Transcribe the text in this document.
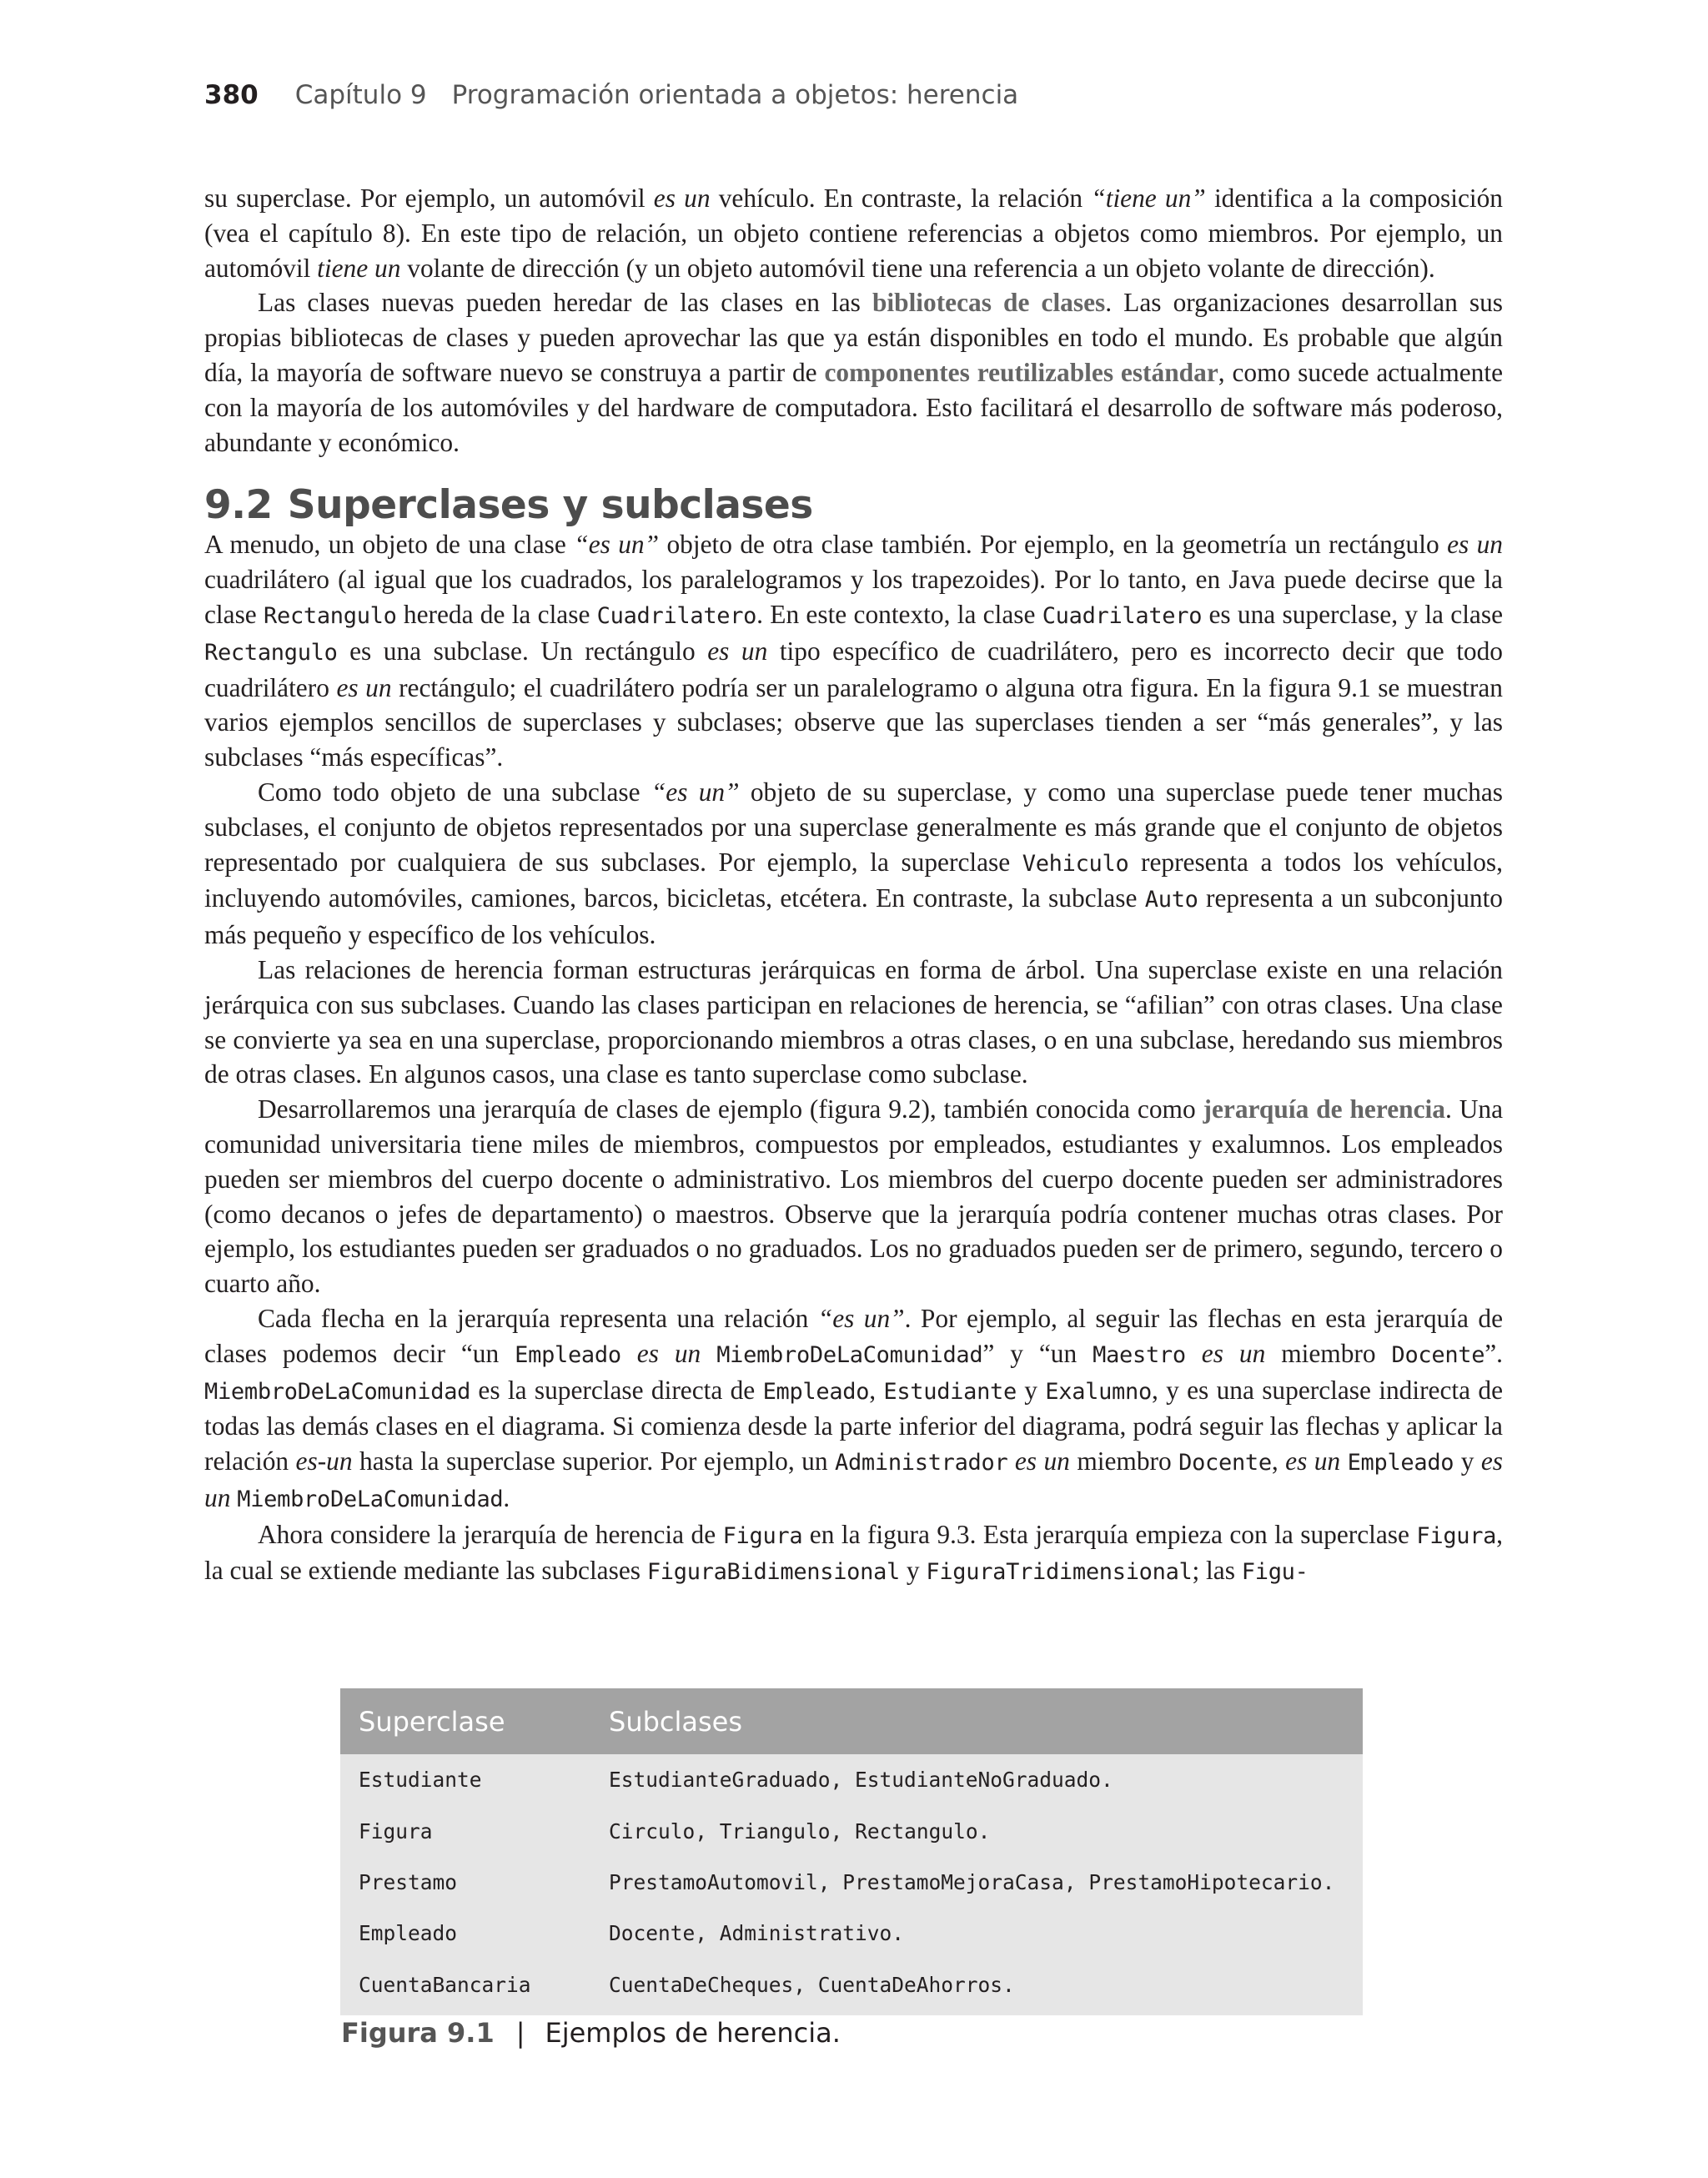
380 Capítulo 9 Programación orientada a objetos: herencia

su superclase. Por ejemplo, un automóvil es un vehículo. En contraste, la relación “tiene un” identifica a la composición (vea el capítulo 8). En este tipo de relación, un objeto contiene referencias a objetos como miembros. Por ejemplo, un automóvil tiene un volante de dirección (y un objeto automóvil tiene una referencia a un objeto volante de dirección).

Las clases nuevas pueden heredar de las clases en las bibliotecas de clases. Las organizaciones desarrollan sus propias bibliotecas de clases y pueden aprovechar las que ya están disponibles en todo el mundo. Es probable que algún día, la mayoría de software nuevo se construya a partir de componentes reutilizables estándar, como sucede actualmente con la mayoría de los automóviles y del hardware de computadora. Esto facilitará el desarrollo de software más poderoso, abundante y económico.

9.2 Superclases y subclases

A menudo, un objeto de una clase “es un” objeto de otra clase también. Por ejemplo, en la geometría un rectángulo es un cuadrilátero (al igual que los cuadrados, los paralelogramos y los trapezoides). Por lo tanto, en Java puede decirse que la clase Rectangulo hereda de la clase Cuadrilatero. En este contexto, la clase Cuadrilatero es una superclase, y la clase Rectangulo es una subclase. Un rectángulo es un tipo específico de cuadrilátero, pero es incorrecto decir que todo cuadrilátero es un rectángulo; el cuadrilátero podría ser un paralelogramo o alguna otra figura. En la figura 9.1 se muestran varios ejemplos sencillos de superclases y subclases; observe que las superclases tienden a ser “más generales”, y las subclases “más específicas”.

Como todo objeto de una subclase “es un” objeto de su superclase, y como una superclase puede tener muchas subclases, el conjunto de objetos representados por una superclase generalmente es más grande que el conjunto de objetos representado por cualquiera de sus subclases. Por ejemplo, la superclase Vehiculo representa a todos los vehículos, incluyendo automóviles, camiones, barcos, bicicletas, etcétera. En contraste, la subclase Auto representa a un subconjunto más pequeño y específico de los vehículos.

Las relaciones de herencia forman estructuras jerárquicas en forma de árbol. Una superclase existe en una relación jerárquica con sus subclases. Cuando las clases participan en relaciones de herencia, se “afilian” con otras clases. Una clase se convierte ya sea en una superclase, proporcionando miembros a otras clases, o en una subclase, heredando sus miembros de otras clases. En algunos casos, una clase es tanto superclase como subclase.

Desarrollaremos una jerarquía de clases de ejemplo (figura 9.2), también conocida como jerarquía de herencia. Una comunidad universitaria tiene miles de miembros, compuestos por empleados, estudiantes y exalumnos. Los empleados pueden ser miembros del cuerpo docente o administrativo. Los miembros del cuerpo docente pueden ser administradores (como decanos o jefes de departamento) o maestros. Observe que la jerarquía podría contener muchas otras clases. Por ejemplo, los estudiantes pueden ser graduados o no graduados. Los no graduados pueden ser de primero, segundo, tercero o cuarto año.

Cada flecha en la jerarquía representa una relación “es un”. Por ejemplo, al seguir las flechas en esta jerarquía de clases podemos decir “un Empleado es un MiembroDeLaComunidad” y “un Maestro es un miembro Docente”. MiembroDeLaComunidad es la superclase directa de Empleado, Estudiante y Exalumno, y es una superclase indirecta de todas las demás clases en el diagrama. Si comienza desde la parte inferior del diagrama, podrá seguir las flechas y aplicar la relación es-un hasta la superclase superior. Por ejemplo, un Administrador es un miembro Docente, es un Empleado y es un MiembroDeLaComunidad.

Ahora considere la jerarquía de herencia de Figura en la figura 9.3. Esta jerarquía empieza con la superclase Figura, la cual se extiende mediante las subclases FiguraBidimensional y FiguraTridimensional; las Figu-

Superclase	Subclases
Estudiante	EstudianteGraduado, EstudianteNoGraduado.
Figura	Circulo, Triangulo, Rectangulo.
Prestamo	PrestamoAutomovil, PrestamoMejoraCasa, PrestamoHipotecario.
Empleado	Docente, Administrativo.
CuentaBancaria	CuentaDeCheques, CuentaDeAhorros.
Figura 9.1 | Ejemplos de herencia.
